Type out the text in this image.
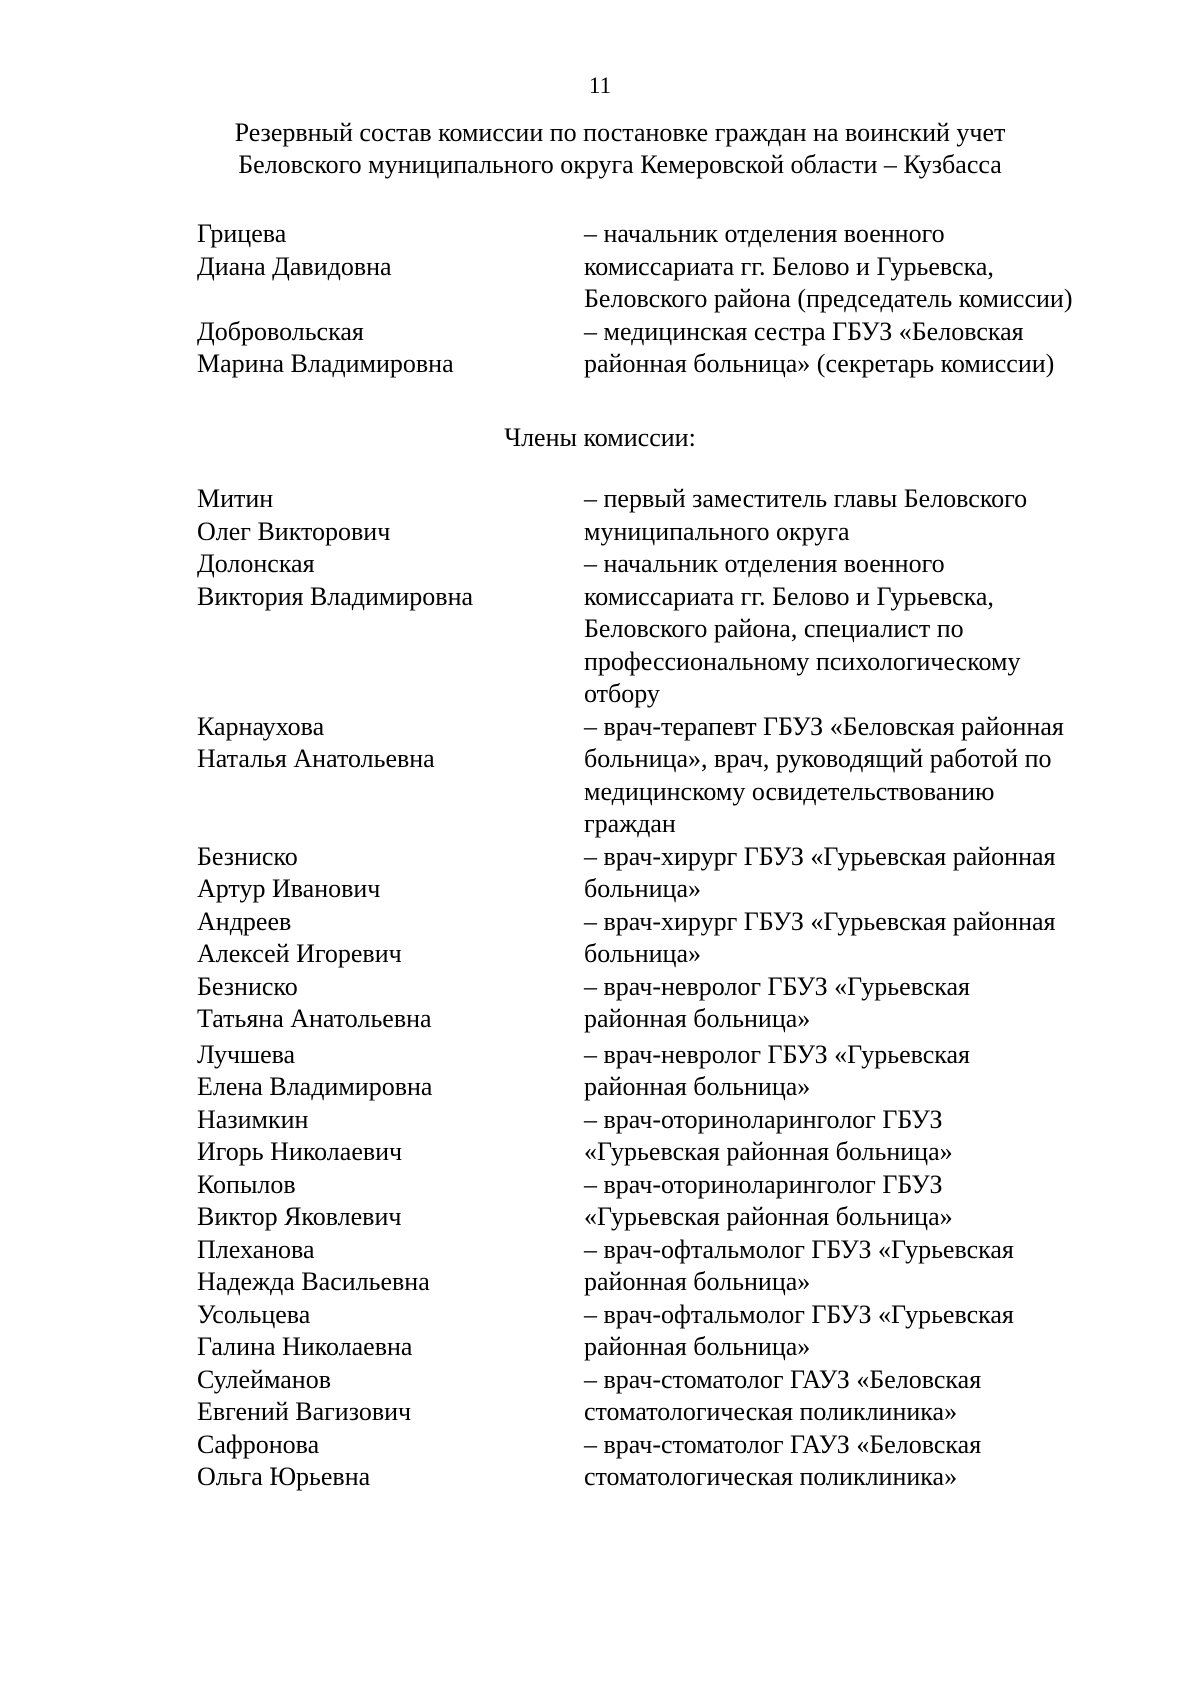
11
Резервный состав комиссии по постановке граждан на воинский учет
Беловского муниципального округа Кемеровской области – Кузбасса
Грицева
Диана Давидовна
– начальник отделения военного
комиссариата гг. Белово и Гурьевска,
Беловского района (председатель комиссии)
Добровольская
Марина Владимировна
– медицинская сестра ГБУЗ «Беловская
районная больница» (секретарь комиссии)
Члены комиссии:
Митин
Олег Викторович
– первый заместитель главы Беловского
муниципального округа
Долонская
Виктория Владимировна
– начальник отделения военного
комиссариата гг. Белово и Гурьевска,
Беловского района, специалист по
профессиональному психологическому
отбору
Карнаухова
Наталья Анатольевна
– врач-терапевт ГБУЗ «Беловская районная
больница», врач, руководящий работой по
медицинскому освидетельствованию
граждан
Безниско
Артур Иванович
– врач-хирург ГБУЗ «Гурьевская районная
больница»
Андреев
Алексей Игоревич
– врач-хирург ГБУЗ «Гурьевская районная
больница»
Безниско
Татьяна Анатольевна
– врач-невролог ГБУЗ «Гурьевская
районная больница»
Лучшева
Елена Владимировна
– врач-невролог ГБУЗ «Гурьевская
районная больница»
Назимкин
Игорь Николаевич
– врач-оториноларинголог ГБУЗ
«Гурьевская районная больница»
Копылов
Виктор Яковлевич
– врач-оториноларинголог ГБУЗ
«Гурьевская районная больница»
Плеханова
Надежда Васильевна
– врач-офтальмолог ГБУЗ «Гурьевская
районная больница»
Усольцева
Галина Николаевна
– врач-офтальмолог ГБУЗ «Гурьевская
районная больница»
Сулейманов
Евгений Вагизович
– врач-стоматолог ГАУЗ «Беловская
стоматологическая поликлиника»
Сафронова
Ольга Юрьевна
– врач-стоматолог ГАУЗ «Беловская
стоматологическая поликлиника»
